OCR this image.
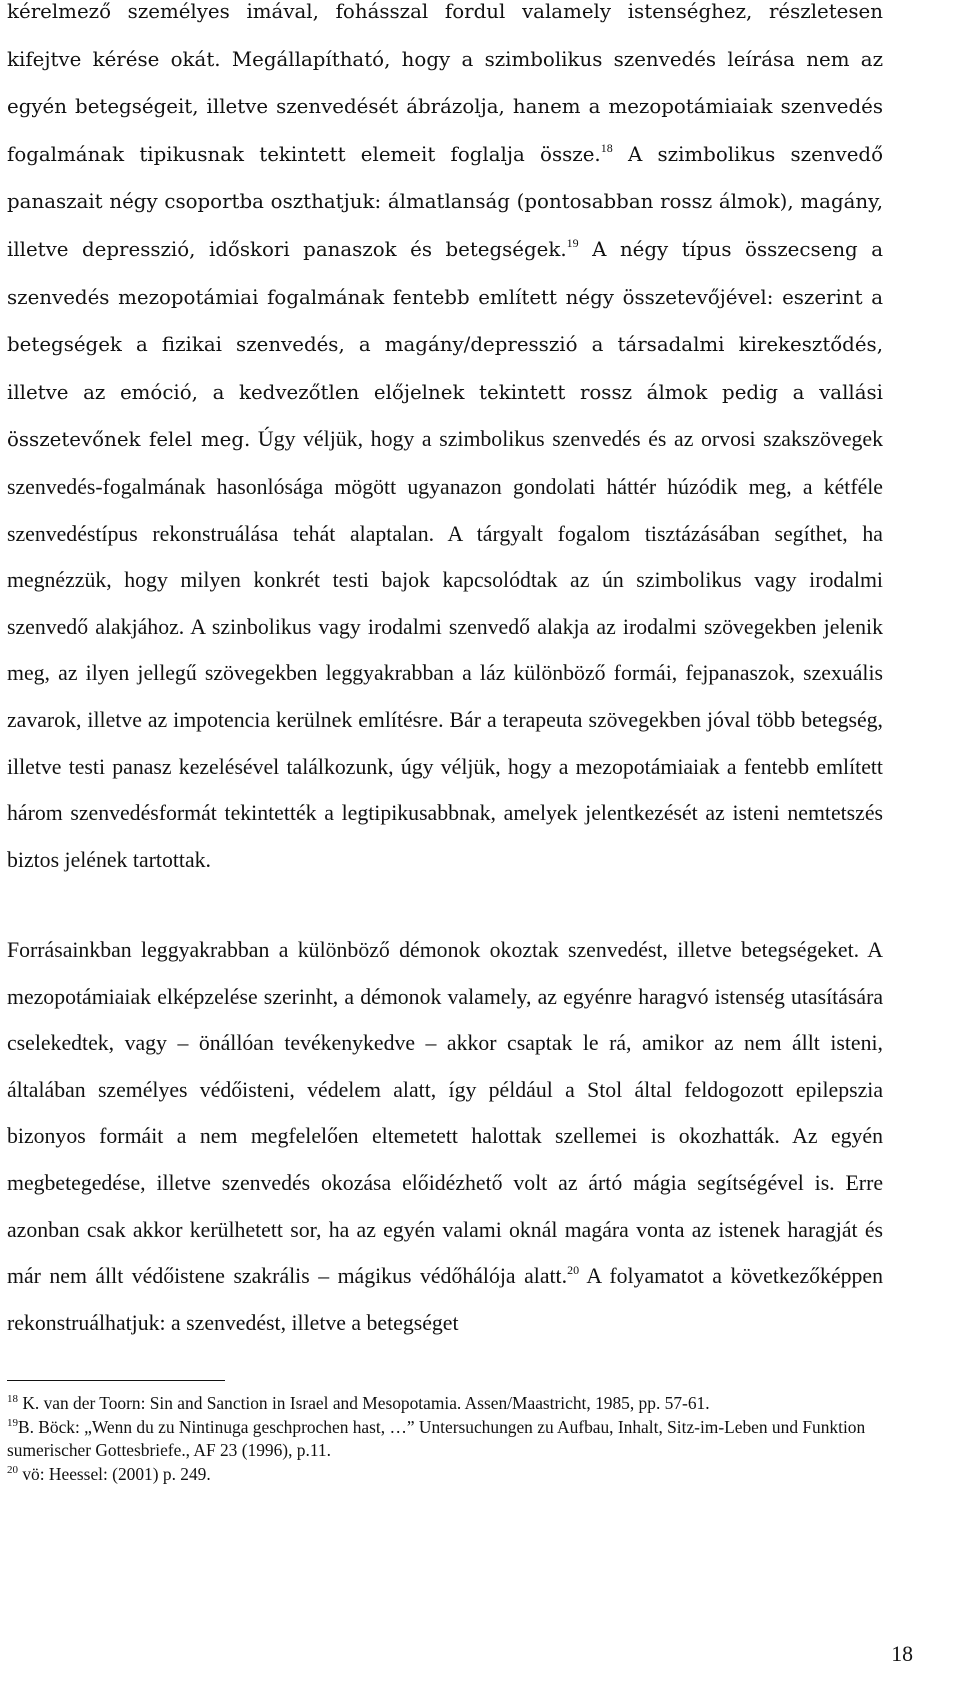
kérelmező személyes imával, fohásszal fordul valamely istenséghez, részletesen kifejtve kérése okát. Megállapítható, hogy a szimbolikus szenvedés leírása nem az egyén betegségeit, illetve szenvedését ábrázolja, hanem a mezopotámiaiak szenvedés fogalmának tipikusnak tekintett elemeit foglalja össze.$^{18}$ A szimbolikus szenvedő panaszait négy csoportba oszthatjuk: álmatlanság (pontosabban rossz álmok), magány, illetve depresszió, időskori panaszok és betegségek.$^{19}$ A négy típus összecseng a szenvedés mezopotámiai fogalmának fentebb említett négy összetevőjével: eszerint a betegségek a fizikai szenvedés, a magány/depresszió a társadalmi kirekesztődés, illetve az emóció, a kedvezőtlen előjelnek tekintett rossz álmok pedig a vallási összetevőnek felel meg. Úgy véljük, hogy a szimbolikus szenvedés és az orvosi szakszövegek szenvedés-fogalmának hasonlósága mögött ugyanazon gondolati háttér húzódik meg, a kétféle szenvedéstípus rekonstruálása tehát alaptalan. A tárgyalt fogalom tisztázásában segíthet, ha megnézzük, hogy milyen konkrét testi bajok kapcsolódtak az ún szimbolikus vagy irodalmi szenvedő alakjához. A szinbolikus vagy irodalmi szenvedő alakja az irodalmi szövegekben jelenik meg, az ilyen jellegű szövegekben leggyakrabban a láz különböző formái, fejpanaszok, szexuális zavarok, illetve az impotencia kerülnek említésre. Bár a terapeuta szövegekben jóval több betegség, illetve testi panasz kezelésével találkozunk, úgy véljük, hogy a mezopotámiaiak a fentebb említett három szenvedésformát tekintették a legtipikusabbnak, amelyek jelentkezését az isteni nemtetszés biztos jelének tartottak.

Forrásainkban leggyakrabban a különböző démonok okoztak szenvedést, illetve betegségeket. A mezopotámiaiak elképzelése szerinht, a démonok valamely, az egyénre haragvó istenség utasítására cselekedtek, vagy – önállóan tevékenykedve – akkor csaptak le rá, amikor az nem állt isteni, általában személyes védőisteni, védelem alatt, így például a Stol által feldogozott epilepszia bizonyos formáit a nem megfelelően eltemetett halottak szellemei is okozhatták. Az egyén megbetegedése, illetve szenvedés okozása előidézhető volt az ártó mágia segítségével is. Erre azonban csak akkor kerülhetett sor, ha az egyén valami oknál magára vonta az istenek haragját és már nem állt védőistene szakrális – mágikus védőhálója alatt.$^{20}$ A folyamatot a következőképpen rekonstruálhatjuk: a szenvedést, illetve a betegséget

$^{18}$ K. van der Toorn: Sin and Sanction in Israel and Mesopotamia. Assen/Maastricht, 1985, pp. 57-61.

$^{19}$B. Böck: „Wenn du zu Nintinuga geschprochen hast, …” Untersuchungen zu Aufbau, Inhalt, Sitz-im-Leben und Funktion sumerischer Gottesbriefe., AF 23 (1996), p.11.

$^{20}$ vö: Heessel: (2001) p. 249.

18
